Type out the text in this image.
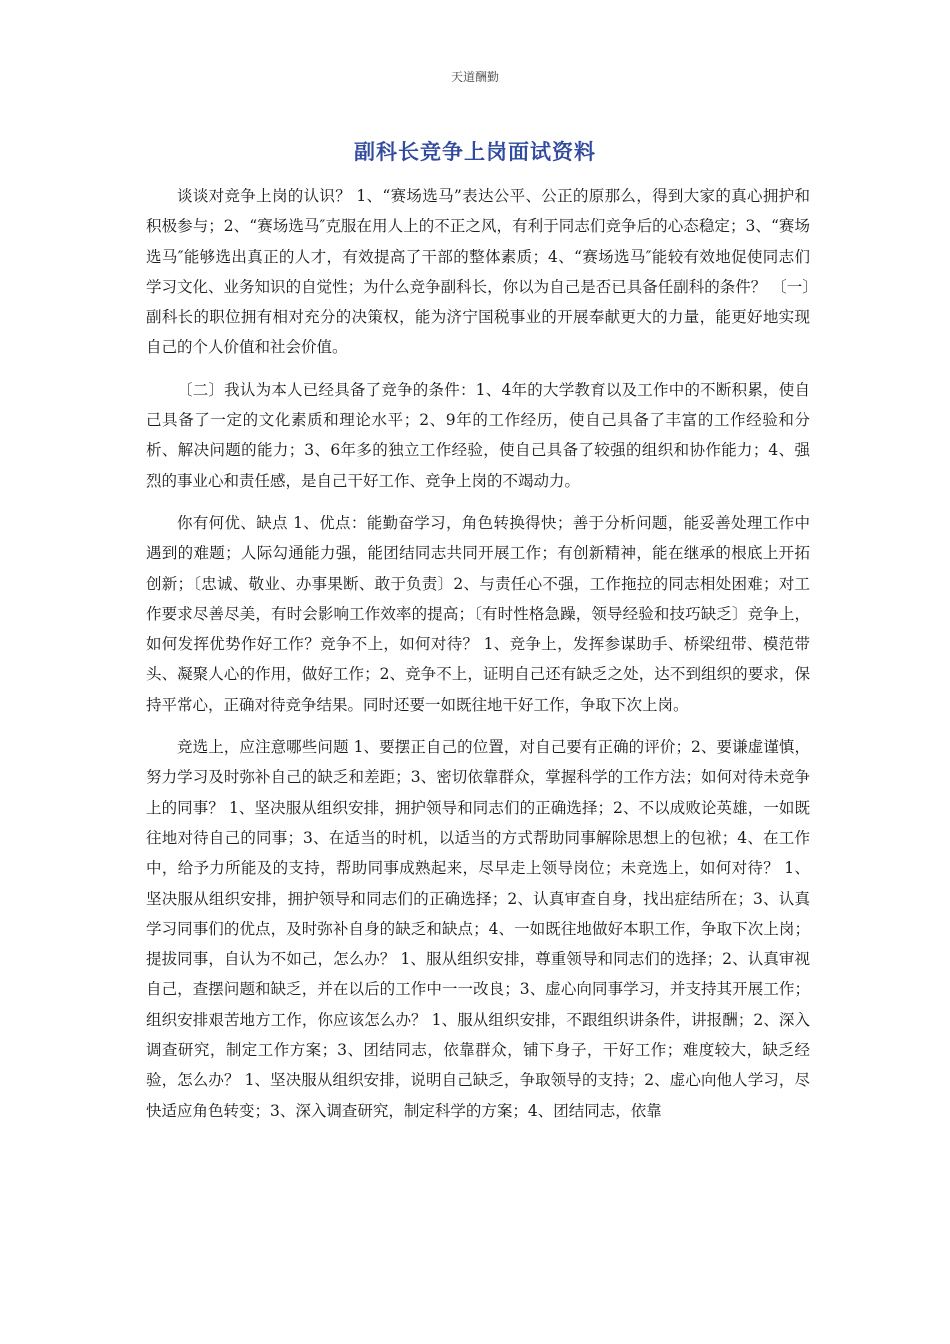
天道酬勤
副科长竞争上岗面试资料

谈谈对竞争上岗的认识？ 1、“赛场选马”表达公平、公正的原那么，得到大家的真心拥护和积极参与；2、“赛场选马″克服在用人上的不正之风，有利于同志们竞争后的心态稳定；3、“赛场选马″能够选出真正的人才，有效提高了干部的整体素质；4、“赛场选马″能较有效地促使同志们学习文化、业务知识的自觉性；为什么竞争副科长，你以为自己是否已具备任副科的条件？ 〔一〕副科长的职位拥有相对充分的决策权，能为济宁国税事业的开展奉献更大的力量，能更好地实现自己的个人价值和社会价值。

〔二〕我认为本人已经具备了竞争的条件：1、4年的大学教育以及工作中的不断积累，使自己具备了一定的文化素质和理论水平；2、9年的工作经历，使自己具备了丰富的工作经验和分析、解决问题的能力；3、6年多的独立工作经验，使自己具备了较强的组织和协作能力；4、强烈的事业心和责任感，是自己干好工作、竞争上岗的不竭动力。

你有何优、缺点 1、优点：能勤奋学习，角色转换得快；善于分析问题，能妥善处理工作中遇到的难题；人际勾通能力强，能团结同志共同开展工作；有创新精神，能在继承的根底上开拓创新；〔忠诚、敬业、办事果断、敢于负责〕2、与责任心不强，工作拖拉的同志相处困难；对工作要求尽善尽美，有时会影响工作效率的提高；〔有时性格急躁，领导经验和技巧缺乏〕竞争上，如何发挥优势作好工作？竞争不上，如何对待？ 1、竞争上，发挥参谋助手、桥梁纽带、模范带头、凝聚人心的作用，做好工作；2、竞争不上，证明自己还有缺乏之处，达不到组织的要求，保持平常心，正确对待竞争结果。同时还要一如既往地干好工作，争取下次上岗。

竞选上，应注意哪些问题 1、要摆正自己的位置，对自己要有正确的评价；2、要谦虚谨慎，努力学习及时弥补自己的缺乏和差距；3、密切依靠群众，掌握科学的工作方法；如何对待未竞争上的同事？ 1、坚决服从组织安排，拥护领导和同志们的正确选择；2、不以成败论英雄，一如既往地对待自己的同事；3、在适当的时机，以适当的方式帮助同事解除思想上的包袱；4、在工作中，给予力所能及的支持，帮助同事成熟起来，尽早走上领导岗位；未竞选上，如何对待？ 1、坚决服从组织安排，拥护领导和同志们的正确选择；2、认真审查自身，找出症结所在；3、认真学习同事们的优点，及时弥补自身的缺乏和缺点；4、一如既往地做好本职工作，争取下次上岗；提拔同事，自认为不如己，怎么办？ 1、服从组织安排，尊重领导和同志们的选择；2、认真审视自己，查摆问题和缺乏，并在以后的工作中一一改良；3、虚心向同事学习，并支持其开展工作；组织安排艰苦地方工作，你应该怎么办？ 1、服从组织安排，不跟组织讲条件，讲报酬；2、深入调查研究，制定工作方案；3、团结同志，依靠群众，铺下身子，干好工作；难度较大，缺乏经验，怎么办？ 1、坚决服从组织安排，说明自己缺乏，争取领导的支持；2、虚心向他人学习，尽快适应角色转变；3、深入调查研究，制定科学的方案；4、团结同志，依靠
